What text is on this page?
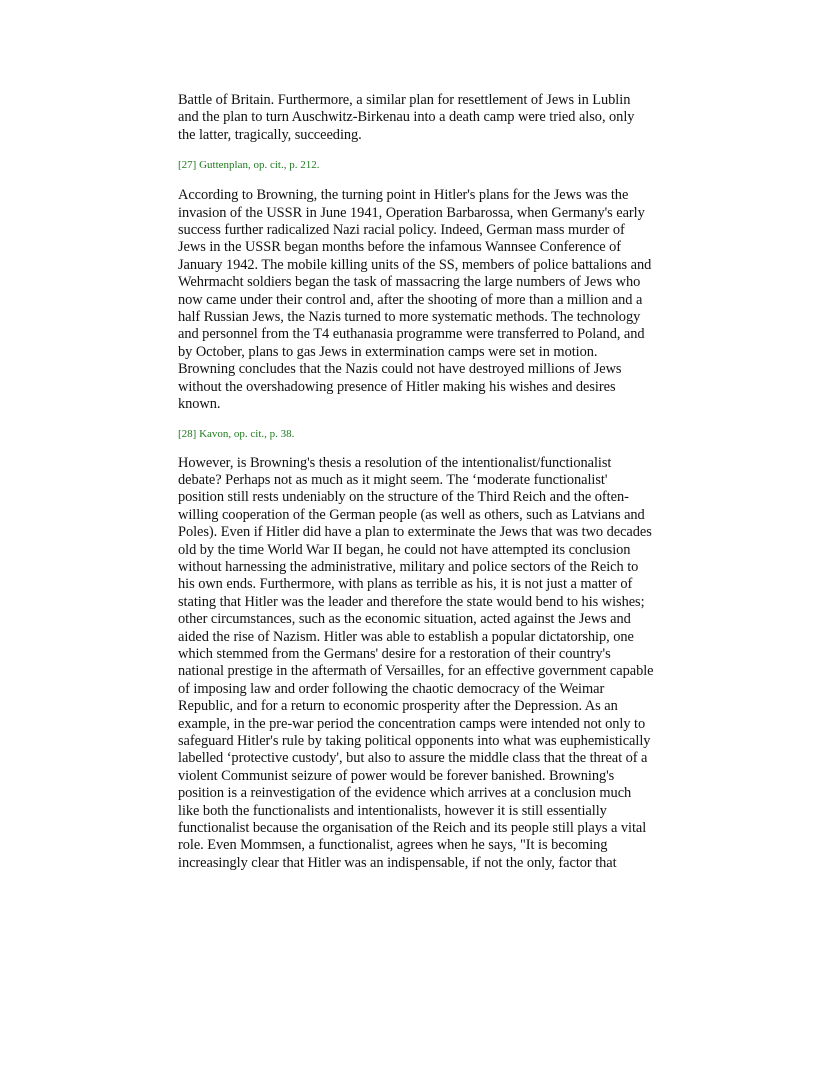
Battle of Britain. Furthermore, a similar plan for resettlement of Jews in Lublin and the plan to turn Auschwitz-Birkenau into a death camp were tried also, only the latter, tragically, succeeding.

[27] Guttenplan, op. cit., p. 212.

According to Browning, the turning point in Hitler's plans for the Jews was the invasion of the USSR in June 1941, Operation Barbarossa, when Germany's early success further radicalized Nazi racial policy. Indeed, German mass murder of Jews in the USSR began months before the infamous Wannsee Conference of January 1942. The mobile killing units of the SS, members of police battalions and Wehrmacht soldiers began the task of massacring the large numbers of Jews who now came under their control and, after the shooting of more than a million and a half Russian Jews, the Nazis turned to more systematic methods. The technology and personnel from the T4 euthanasia programme were transferred to Poland, and by October, plans to gas Jews in extermination camps were set in motion. Browning concludes that the Nazis could not have destroyed millions of Jews without the overshadowing presence of Hitler making his wishes and desires known.

[28] Kavon, op. cit., p. 38.

However, is Browning's thesis a resolution of the intentionalist/functionalist debate? Perhaps not as much as it might seem. The ‘moderate functionalist' position still rests undeniably on the structure of the Third Reich and the often-willing cooperation of the German people (as well as others, such as Latvians and Poles). Even if Hitler did have a plan to exterminate the Jews that was two decades old by the time World War II began, he could not have attempted its conclusion without harnessing the administrative, military and police sectors of the Reich to his own ends. Furthermore, with plans as terrible as his, it is not just a matter of stating that Hitler was the leader and therefore the state would bend to his wishes; other circumstances, such as the economic situation, acted against the Jews and aided the rise of Nazism. Hitler was able to establish a popular dictatorship, one which stemmed from the Germans' desire for a restoration of their country's national prestige in the aftermath of Versailles, for an effective government capable of imposing law and order following the chaotic democracy of the Weimar Republic, and for a return to economic prosperity after the Depression. As an example, in the pre-war period the concentration camps were intended not only to safeguard Hitler's rule by taking political opponents into what was euphemistically labelled ‘protective custody', but also to assure the middle class that the threat of a violent Communist seizure of power would be forever banished. Browning's position is a reinvestigation of the evidence which arrives at a conclusion much like both the functionalists and intentionalists, however it is still essentially functionalist because the organisation of the Reich and its people still plays a vital role. Even Mommsen, a functionalist, agrees when he says, "It is becoming increasingly clear that Hitler was an indispensable, if not the only, factor that
